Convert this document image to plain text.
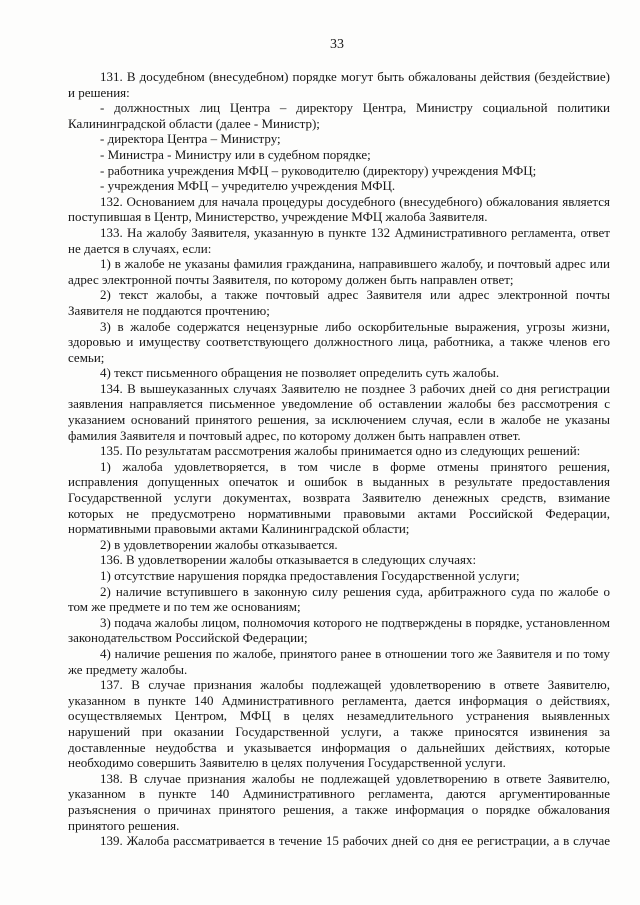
33
131. В досудебном (внесудебном) порядке могут быть обжалованы действия (бездействие)
и решения:
- должностных лиц Центра – директору Центра, Министру социальной политики
Калининградской области (далее - Министр);
- директора Центра – Министру;
- Министра - Министру или в судебном порядке;
- работника учреждения МФЦ – руководителю (директору) учреждения МФЦ;
- учреждения МФЦ – учредителю учреждения МФЦ.
132. Основанием для начала процедуры досудебного (внесудебного) обжалования является
поступившая в Центр, Министерство, учреждение МФЦ жалоба Заявителя.
133. На жалобу Заявителя, указанную в пункте 132 Административного регламента, ответ
не дается в случаях, если:
1) в жалобе не указаны фамилия гражданина, направившего жалобу, и почтовый адрес или
адрес электронной почты Заявителя, по которому должен быть направлен ответ;
2) текст жалобы, а также почтовый адрес Заявителя или адрес электронной почты
Заявителя не поддаются прочтению;
3) в жалобе содержатся нецензурные либо оскорбительные выражения, угрозы жизни,
здоровью и имуществу соответствующего должностного лица, работника, а также членов его
семьи;
4) текст письменного обращения не позволяет определить суть жалобы.
134. В вышеуказанных случаях Заявителю не позднее 3 рабочих дней со дня регистрации
заявления направляется письменное уведомление об оставлении жалобы без рассмотрения с
указанием оснований принятого решения, за исключением случая, если в жалобе не указаны
фамилия Заявителя и почтовый адрес, по которому должен быть направлен ответ.
135. По результатам рассмотрения жалобы принимается одно из следующих решений:
1) жалоба удовлетворяется, в том числе в форме отмены принятого решения,
исправления допущенных опечаток и ошибок в выданных в результате предоставления
Государственной услуги документах, возврата Заявителю денежных средств, взимание
которых не предусмотрено нормативными правовыми актами Российской Федерации,
нормативными правовыми актами Калининградской области;
2) в удовлетворении жалобы отказывается.
136. В удовлетворении жалобы отказывается в следующих случаях:
1) отсутствие нарушения порядка предоставления Государственной услуги;
2) наличие вступившего в законную силу решения суда, арбитражного суда по жалобе о
том же предмете и по тем же основаниям;
3) подача жалобы лицом, полномочия которого не подтверждены в порядке, установленном
законодательством Российской Федерации;
4) наличие решения по жалобе, принятого ранее в отношении того же Заявителя и по тому
же предмету жалобы.
137. В случае признания жалобы подлежащей удовлетворению в ответе Заявителю,
указанном в пункте 140 Административного регламента, дается информация о действиях,
осуществляемых Центром, МФЦ в целях незамедлительного устранения выявленных
нарушений при оказании Государственной услуги, а также приносятся извинения за
доставленные неудобства и указывается информация о дальнейших действиях, которые
необходимо совершить Заявителю в целях получения Государственной услуги.
138. В случае признания жалобы не подлежащей удовлетворению в ответе Заявителю,
указанном в пункте 140 Административного регламента, даются аргументированные
разъяснения о причинах принятого решения, а также информация о порядке обжалования
принятого решения.
139. Жалоба рассматривается в течение 15 рабочих дней со дня ее регистрации, а в случае
